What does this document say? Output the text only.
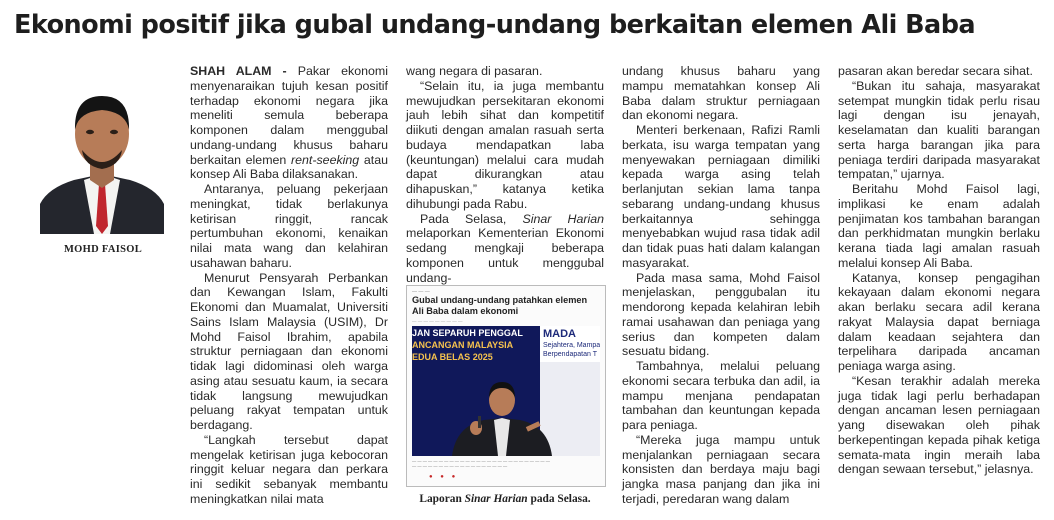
Ekonomi positif jika gubal undang-undang berkaitan elemen Ali Baba
MOHD FAISOL

SHAH ALAM - Pakar ekonomi menyenaraikan tujuh kesan positif terhadap ekonomi negara jika meneliti semula beberapa komponen dalam menggubal undang-undang khusus baharu berkaitan elemen rent-seeking atau konsep Ali Baba dilaksanakan.

Antaranya, peluang pekerjaan meningkat, tidak berlakunya ketirisan ringgit, rancak pertumbuhan ekonomi, kenaikan nilai mata wang dan kelahiran usahawan baharu.

Menurut Pensyarah Perbankan dan Kewangan Islam, Fakulti Ekonomi dan Muamalat, Universiti Sains Islam Malaysia (USIM), Dr Mohd Faisol Ibrahim, apabila struktur perniagaan dan ekonomi tidak lagi didominasi oleh warga asing atau sesuatu kaum, ia secara tidak langsung mewujudkan peluang rakyat tempatan untuk berdagang.

“Langkah tersebut dapat mengelak ketirisan juga kebocoran ringgit keluar negara dan perkara ini sedikit sebanyak membantu meningkatkan nilai mata

wang negara di pasaran.

“Selain itu, ia juga membantu mewujudkan persekitaran ekonomi jauh lebih sihat dan kompetitif diikuti dengan amalan rasuah serta budaya mendapatkan laba (keuntungan) melalui cara mudah dapat dikurangkan atau dihapuskan,” katanya ketika dihubungi pada Rabu.

Pada Selasa, Sinar Harian melaporkan Kementerian Ekonomi sedang mengkaji beberapa komponen untuk menggubal undang-

undang khusus baharu yang mampu mematahkan konsep Ali Baba dalam struktur perniagaan dan ekonomi negara.

Menteri berkenaan, Rafizi Ramli berkata, isu warga tempatan yang menyewakan perniagaan dimiliki kepada warga asing telah berlanjutan sekian lama tanpa sebarang undang-undang khusus berkaitannya sehingga menyebabkan wujud rasa tidak adil dan tidak puas hati dalam kalangan masyarakat.

Pada masa sama, Mohd Faisol menjelaskan, penggubalan itu mendorong kepada kelahiran lebih ramai usahawan dan peniaga yang serius dan kompeten dalam sesuatu bidang.

Tambahnya, melalui peluang ekonomi secara terbuka dan adil, ia mampu menjana pendapatan tambahan dan keuntungan kepada para peniaga.

“Mereka juga mampu untuk menjalankan perniagaan secara konsisten dan berdaya maju bagi jangka masa panjang dan jika ini terjadi, peredaran wang dalam

pasaran akan beredar secara sihat.

“Bukan itu sahaja, masyarakat setempat mungkin tidak perlu risau lagi dengan isu jenayah, keselamatan dan kualiti barangan serta harga barangan jika para peniaga terdiri daripada masyarakat tempatan,” ujarnya.

Beritahu Mohd Faisol lagi, implikasi ke enam adalah penjimatan kos tambahan barangan dan perkhidmatan mungkin berlaku kerana tiada lagi amalan rasuah melalui konsep Ali Baba.

Katanya, konsep pengagihan kekayaan dalam ekonomi negara akan berlaku secara adil kerana rakyat Malaysia dapat berniaga dalam keadaan sejahtera dan terpelihara daripada ancaman peniaga warga asing.

“Kesan terakhir adalah mereka juga tidak lagi perlu berhadapan dengan ancaman lesen perniagaan yang disewakan oleh pihak berkepentingan kepada pihak ketiga semata-mata ingin meraih laba dengan sewaan tersebut,” jelasnya.

— — —
Gubal undang-undang patahkan elemen Ali Baba dalam ekonomi
— — — — — — — — —
JAN SEPARUH PENGGAL
ANCANGAN MALAYSIA
EDUA BELAS 2025
MADA
Sejahtera, Mampa
Berpendapatan T
— — — — — — — — — — — — — — — — — — — — — — — — — —
— — — — — — — — — — — — — — — — — —
● ● ●
Laporan Sinar Harian pada Selasa.
